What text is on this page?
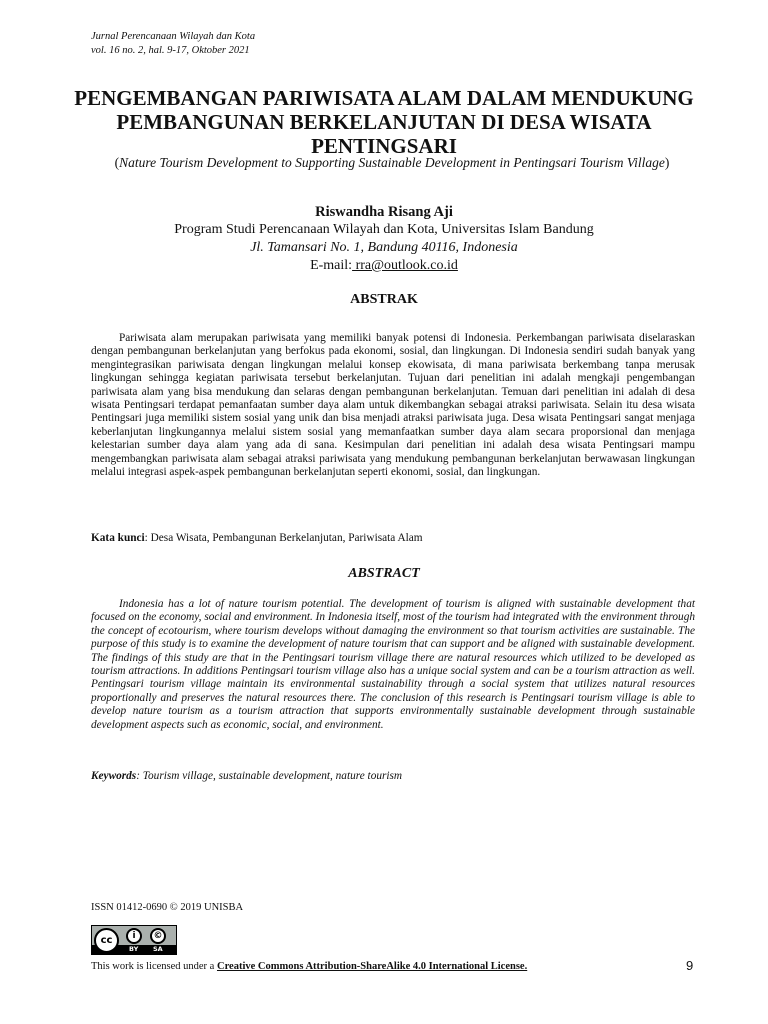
Jurnal Perencanaan Wilayah dan Kota
vol. 16 no. 2, hal. 9-17, Oktober 2021
PENGEMBANGAN PARIWISATA ALAM DALAM MENDUKUNG PEMBANGUNAN BERKELANJUTAN DI DESA WISATA PENTINGSARI
(Nature Tourism Development to Supporting Sustainable Development in Pentingsari Tourism Village)
Riswandha Risang Aji
Program Studi Perencanaan Wilayah dan Kota, Universitas Islam Bandung
Jl. Tamansari No. 1, Bandung 40116, Indonesia
E-mail: rra@outlook.co.id
ABSTRAK
Pariwisata alam merupakan pariwisata yang memiliki banyak potensi di Indonesia. Perkembangan pariwisata diselaraskan dengan pembangunan berkelanjutan yang berfokus pada ekonomi, sosial, dan lingkungan. Di Indonesia sendiri sudah banyak yang mengintegrasikan pariwisata dengan lingkungan melalui konsep ekowisata, di mana pariwisata berkembang tanpa merusak lingkungan sehingga kegiatan pariwisata tersebut berkelanjutan. Tujuan dari penelitian ini adalah mengkaji pengembangan pariwisata alam yang bisa mendukung dan selaras dengan pembangunan berkelanjutan. Temuan dari penelitian ini adalah di desa wisata Pentingsari terdapat pemanfaatan sumber daya alam untuk dikembangkan sebagai atraksi pariwisata. Selain itu desa wisata Pentingsari juga memiliki sistem sosial yang unik dan bisa menjadi atraksi pariwisata juga. Desa wisata Pentingsari sangat menjaga keberlanjutan lingkungannya melalui sistem sosial yang memanfaatkan sumber daya alam secara proporsional dan menjaga kelestarian sumber daya alam yang ada di sana. Kesimpulan dari penelitian ini adalah desa wisata Pentingsari mampu mengembangkan pariwisata alam sebagai atraksi pariwisata yang mendukung pembangunan berkelanjutan berwawasan lingkungan melalui integrasi aspek-aspek pembangunan berkelanjutan seperti ekonomi, sosial, dan lingkungan.
Kata kunci: Desa Wisata, Pembangunan Berkelanjutan, Pariwisata Alam
ABSTRACT
Indonesia has a lot of nature tourism potential. The development of tourism is aligned with sustainable development that focused on the economy, social and environment. In Indonesia itself, most of the tourism had integrated with the environment through the concept of ecotourism, where tourism develops without damaging the environment so that tourism activities are sustainable. The purpose of this study is to examine the development of nature tourism that can support and be aligned with sustainable development. The findings of this study are that in the Pentingsari tourism village there are natural resources which utilized to be developed as tourism attractions. In additions Pentingsari tourism village also has a unique social system and can be a tourism attraction as well. Pentingsari tourism village maintain its environmental sustainability through a social system that utilizes natural resources proportionally and preserves the natural resources there. The conclusion of this research is Pentingsari tourism village is able to develop nature tourism as a tourism attraction that supports environmentally sustainable development through sustainable development aspects such as economic, social, and environment.
Keywords: Tourism village, sustainable development, nature tourism
ISSN 01412-0690 © 2019 UNISBA
cc	i	©
BY SA
This work is licensed under a Creative Commons Attribution-ShareAlike 4.0 International License.	9
